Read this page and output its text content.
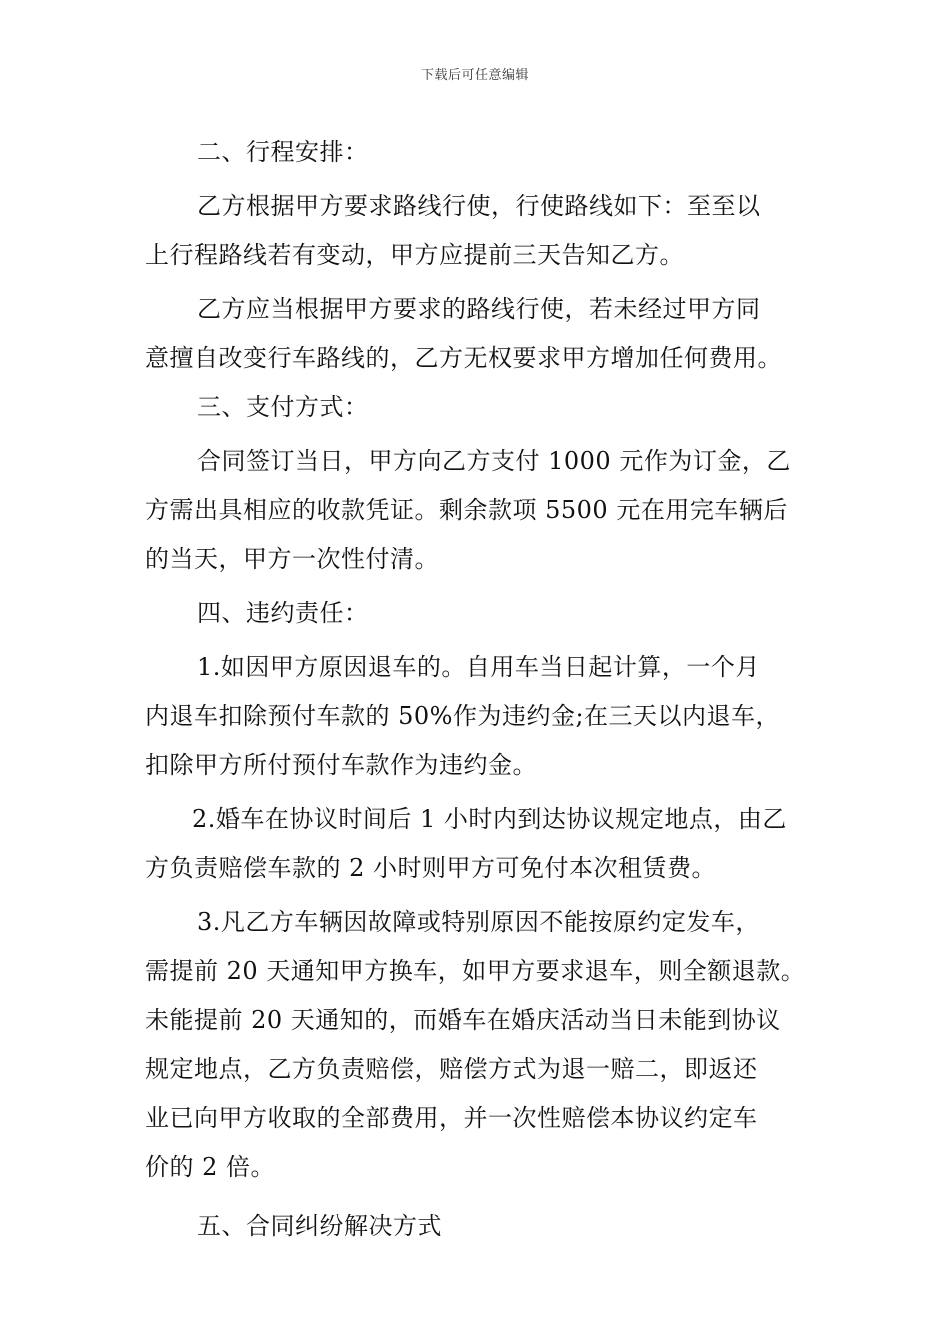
下载后可任意编辑
二、行程安排：
乙方根据甲方要求路线行使，行使路线如下：至至以
上行程路线若有变动，甲方应提前三天告知乙方。
乙方应当根据甲方要求的路线行使，若未经过甲方同
意擅自改变行车路线的，乙方无权要求甲方增加任何费用。
三、支付方式：
合同签订当日，甲方向乙方支付 1000 元作为订金，乙
方需出具相应的收款凭证。剩余款项 5500 元在用完车辆后
的当天，甲方一次性付清。
四、违约责任：
1.如因甲方原因退车的。自用车当日起计算，一个月
内退车扣除预付车款的 50%作为违约金;在三天以内退车，
扣除甲方所付预付车款作为违约金。
2.婚车在协议时间后 1 小时内到达协议规定地点，由乙
方负责赔偿车款的 2 小时则甲方可免付本次租赁费。
3.凡乙方车辆因故障或特别原因不能按原约定发车，
需提前 20 天通知甲方换车，如甲方要求退车，则全额退款。
未能提前 20 天通知的，而婚车在婚庆活动当日未能到协议
规定地点，乙方负责赔偿，赔偿方式为退一赔二，即返还
业已向甲方收取的全部费用，并一次性赔偿本协议约定车
价的 2 倍。
五、合同纠纷解决方式
